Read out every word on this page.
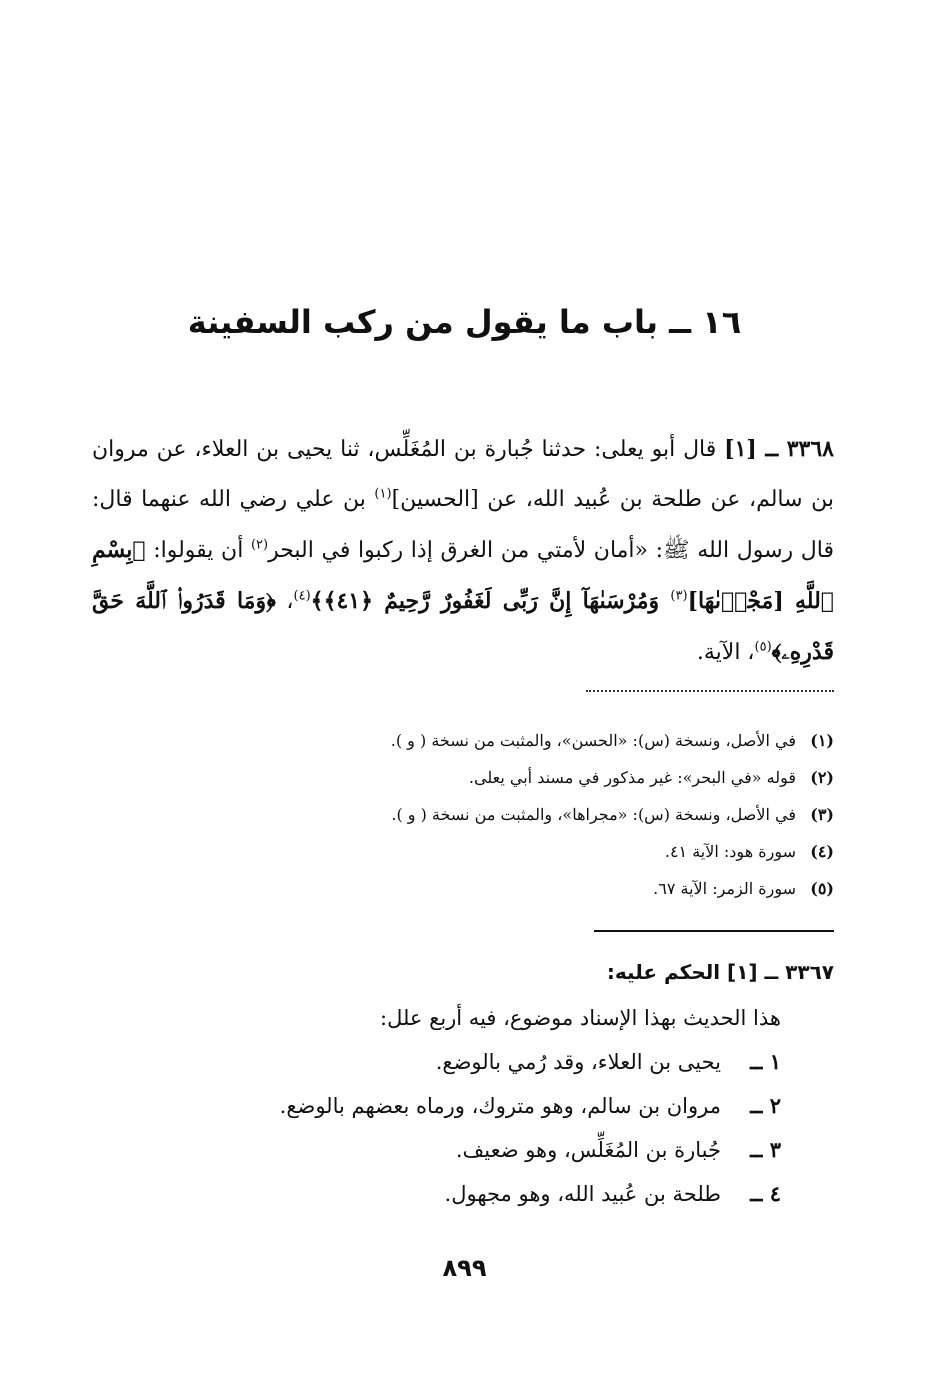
١٦ ــ باب ما يقول من ركب السفينة

٣٣٦٨ ــ [١] قال أبو يعلى: حدثنا جُبارة بن المُغَلِّس، ثنا يحيى بن العلاء، عن مروان بن سالم، عن طلحة بن عُبيد الله، عن [الحسين]$^{(١)}$ بن علي رضي الله عنهما قال: قال رسول الله ﷺ: «أمان لأمتي من الغرق إذا ركبوا في البحر$^{(٢)}$ أن يقولوا: ﴿بِسْمِ ٱللَّهِ [مَجْرٜىٰهَا]$^{(٣)}$ وَمُرْسَىٰهَآ إِنَّ رَبِّى لَغَفُورٌ رَّحِيمٌ ﴿٤١﴾﴾$^{(٤)}$، ﴿وَمَا قَدَرُوا۟ ٱللَّهَ حَقَّ قَدْرِهِۦ﴾$^{(٥)}$، الآية.

(١)
في الأصل، ونسخة (س): «الحسن»، والمثبت من نسخة ( و ).
(٢)
قوله «في البحر»: غير مذكور في مسند أبي يعلى.
(٣)
في الأصل، ونسخة (س): «مجراها»، والمثبت من نسخة ( و ).
(٤)
سورة هود: الآية ٤١.
(٥)
سورة الزمر: الآية ٦٧.
٣٣٦٧ ــ [١] الحكم عليه:

هذا الحديث بهذا الإسناد موضوع، فيه أربع علل:

١ ــ
يحيى بن العلاء، وقد رُمي بالوضع.
٢ ــ
مروان بن سالم، وهو متروك، ورماه بعضهم بالوضع.
٣ ــ
جُبارة بن المُغَلِّس، وهو ضعيف.
٤ ــ
طلحة بن عُبيد الله، وهو مجهول.
٨٩٩
